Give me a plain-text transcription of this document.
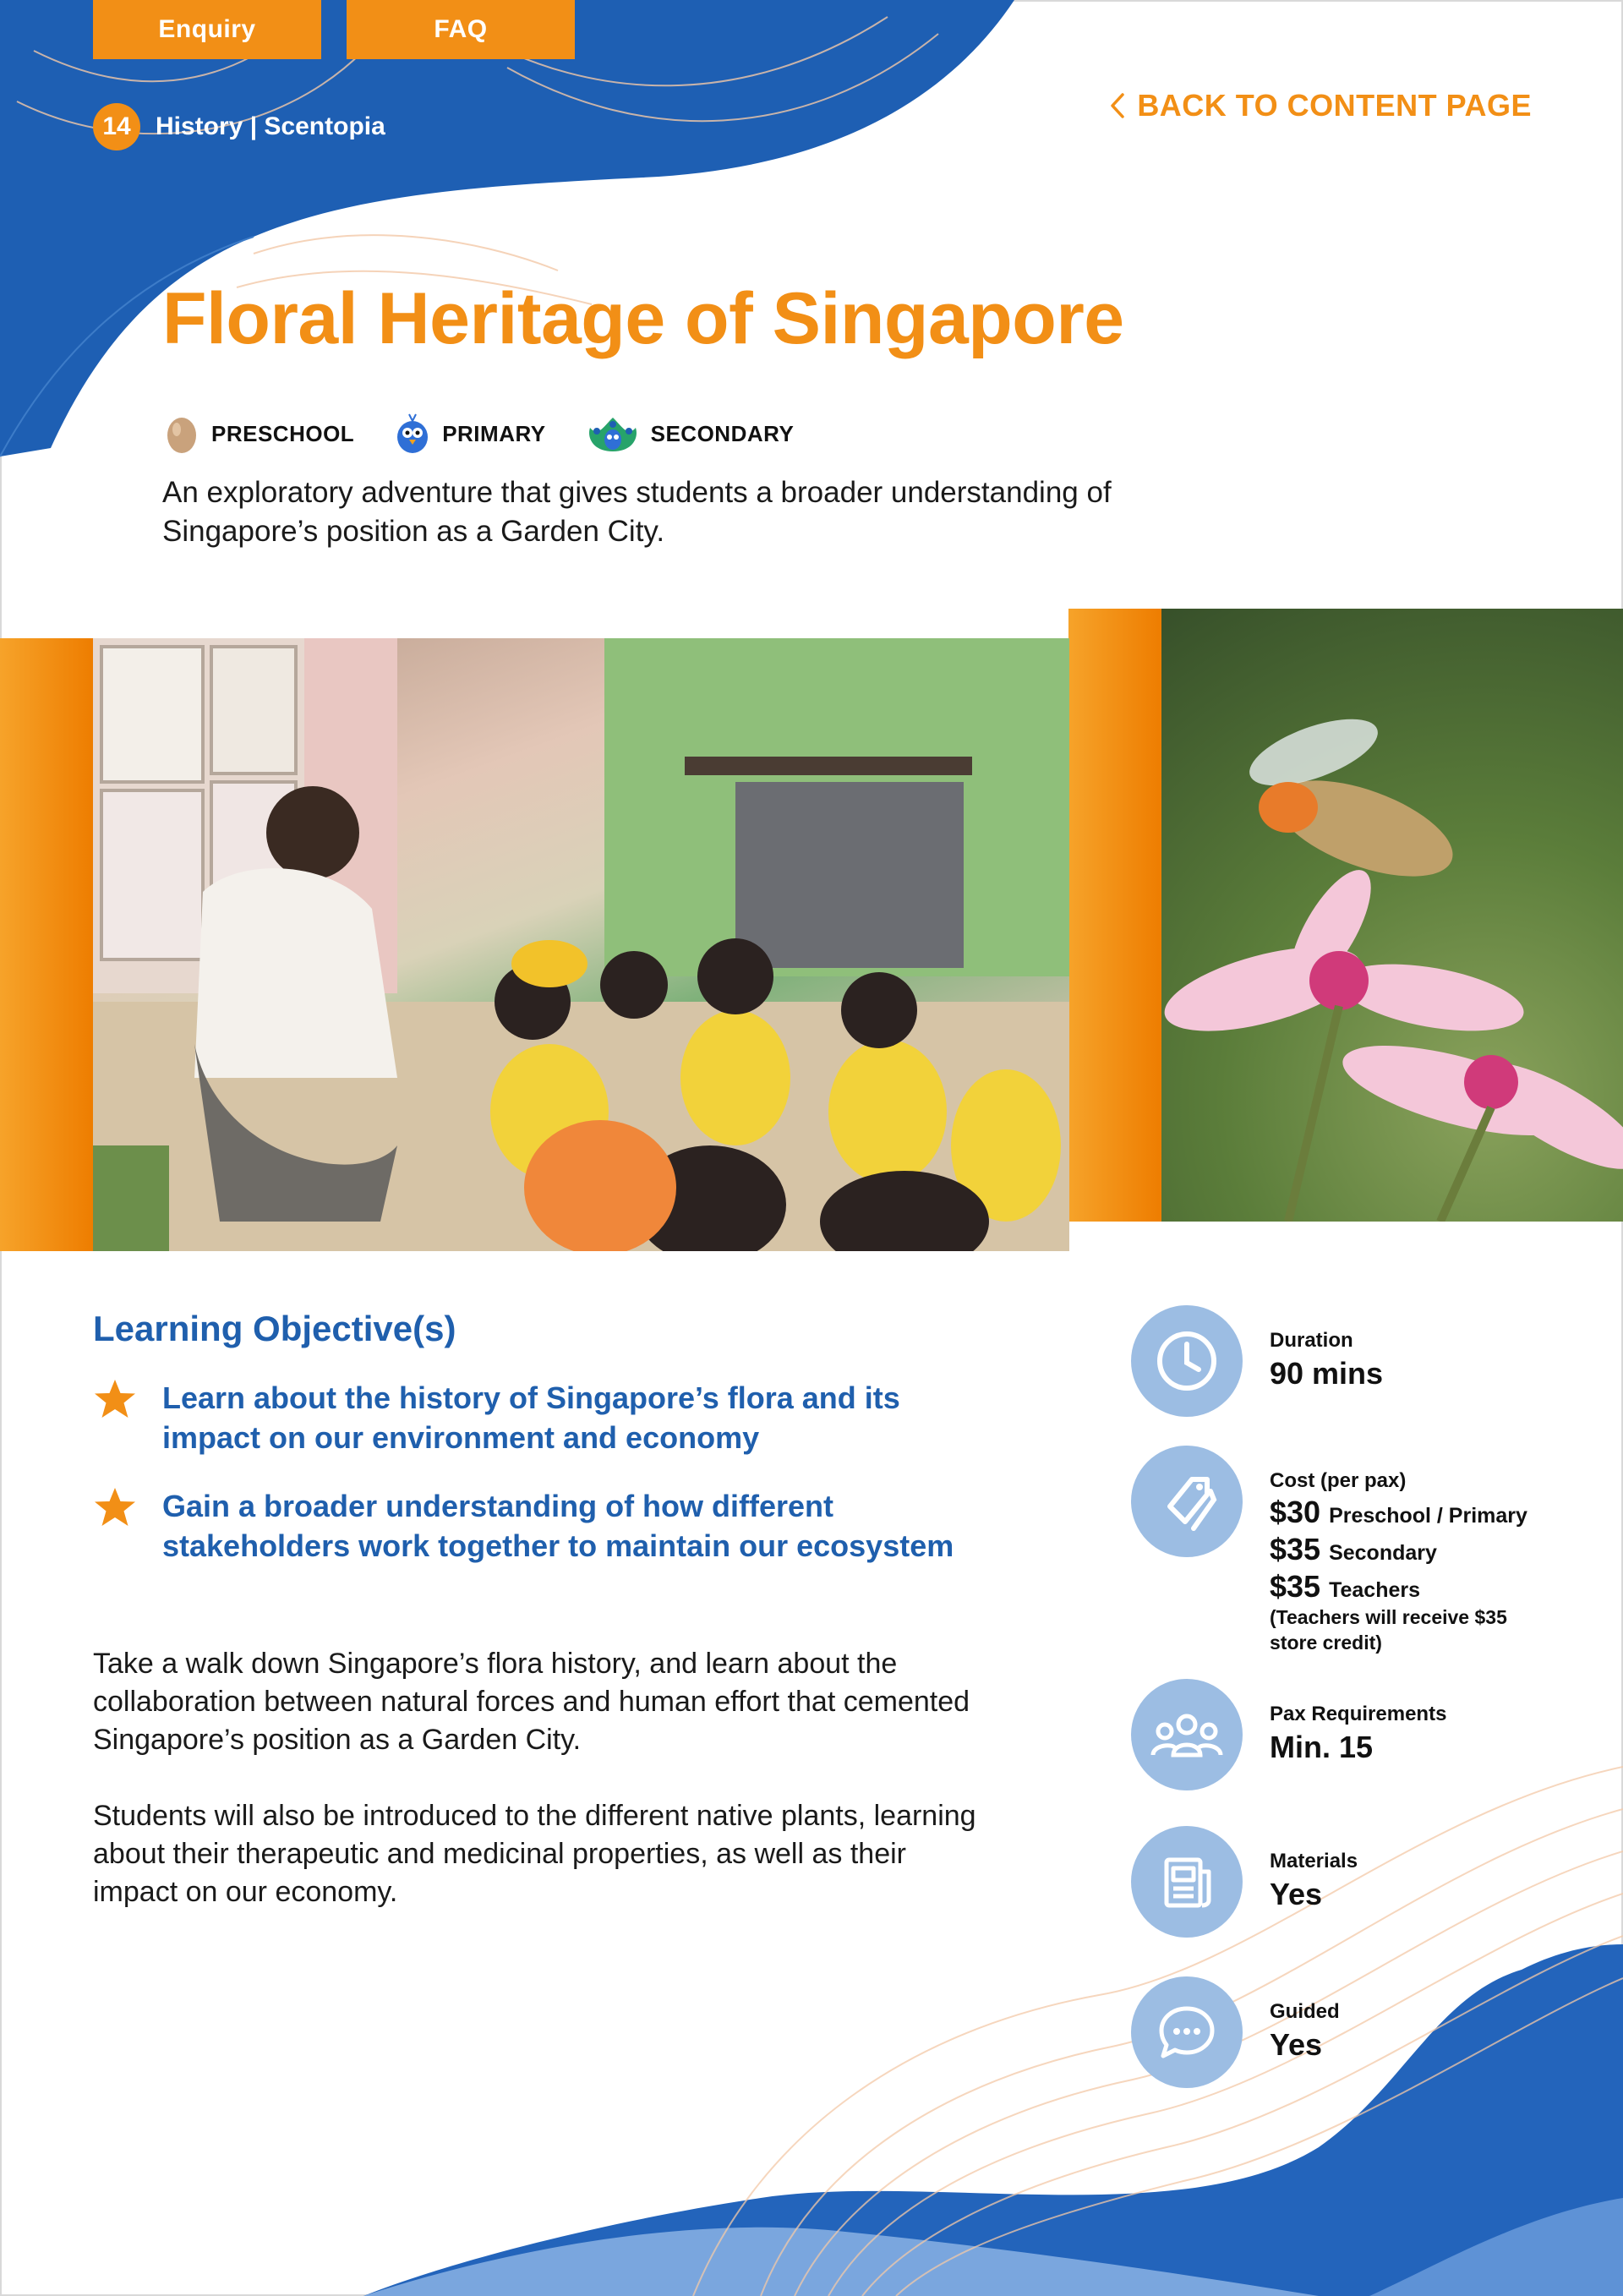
Enquiry	FAQ
14 History | Scentopia
BACK TO CONTENT PAGE
Floral Heritage of Singapore
PRESCHOOL	PRIMARY	SECONDARY

An exploratory adventure that gives students a broader understanding of Singapore’s position as a Garden City.

Learning Objective(s)
Learn about the history of Singapore’s flora and its impact on our environment and economy
Gain a broader understanding of how different stakeholders work together to maintain our ecosystem

Take a walk down Singapore’s flora history, and learn about the collaboration between natural forces and human effort that cemented Singapore’s position as a Garden City.

Students will also be introduced to the different native plants, learning about their therapeutic and medicinal properties, as well as their impact on our economy.

Duration
90 mins
Cost (per pax)
$30 Preschool / Primary
$35 Secondary
$35 Teachers
(Teachers will receive $35 store credit)
Pax Requirements
Min. 15
Materials
Yes
Guided
Yes
